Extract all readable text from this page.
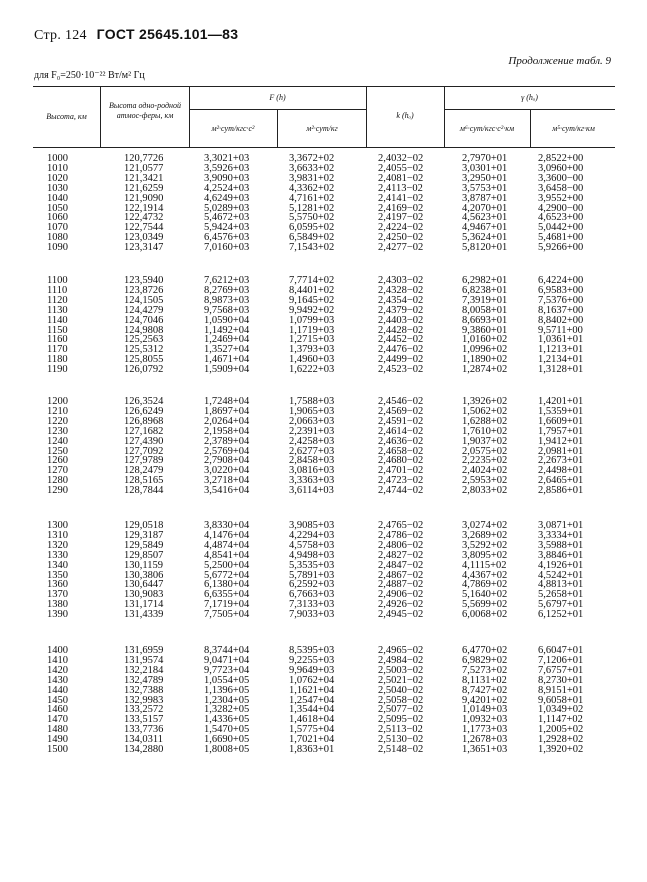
Стр. 124 ГОСТ 25645.101—83
Продолжение табл. 9
для F₀=250·10⁻²² Вт/м² Гц
Высота, км
Высота одно-родной атмос-феры, км
F (h)
м²·сут/кгс·с²	м²·сут/кг
k (hₐ)
γ (hₐ)
м⁶·сут/кгс·с²·км	м⁵·сут/кг·км
1000	120,7726	3,3021+03	3,3672+02	2,4032−02	2,7970+01	2,8522+00
1010	121,0577	3,5926+03	3,6633+02	2,4055−02	3,0301+01	3,0960+00
1020	121,3421	3,9090+03	3,9831+02	2,4081−02	3,2950+01	3,3600−00
1030	121,6259	4,2524+03	4,3362+02	2,4113−02	3,5753+01	3,6458−00
1040	121,9090	4,6249+03	4,7161+02	2,4141−02	3,8787+01	3,9552+00
1050	122,1914	5,0289+03	5,1281+02	2,4169−02	4,2070+01	4,2900−00
1060	122,4732	5,4672+03	5,5750+02	2,4197−02	4,5623+01	4,6523+00
1070	122,7544	5,9424+03	6,0595+02	2,4224−02	4,9467+01	5,0442+00
1080	123,0349	6,4576+03	6,5849+02	2,4250−02	5,3624+01	5,4681+00
1090	123,3147	7,0160+03	7,1543+02	2,4277−02	5,8120+01	5,9266+00
1100	123,5940	7,6212+03	7,7714+02	2,4303−02	6,2982+01	6,4224+00
1110	123,8726	8,2769+03	8,4401+02	2,4328−02	6,8238+01	6,9583+00
1120	124,1505	8,9873+03	9,1645+02	2,4354−02	7,3919+01	7,5376+00
1130	124,4279	9,7568+03	9,9492+02	2,4379−02	8,0058+01	8,1637+00
1140	124,7046	1,0590+04	1,0799+03	2,4403−02	8,6693+01	8,8402+00
1150	124,9808	1,1492+04	1,1719+03	2,4428−02	9,3860+01	9,5711+00
1160	125,2563	1,2469+04	1,2715+03	2,4452−02	1,0160+02	1,0361+01
1170	125,5312	1,3527+04	1,3793+03	2,4476−02	1,0996+02	1,1213+01
1180	125,8055	1,4671+04	1,4960+03	2,4499−02	1,1890+02	1,2134+01
1190	126,0792	1,5909+04	1,6222+03	2,4523−02	1,2874+02	1,3128+01
1200	126,3524	1,7248+04	1,7588+03	2,4546−02	1,3926+02	1,4201+01
1210	126,6249	1,8697+04	1,9065+03	2,4569−02	1,5062+02	1,5359+01
1220	126,8968	2,0264+04	2,0663+03	2,4591−02	1,6288+02	1,6609+01
1230	127,1682	2,1958+04	2,2391+03	2,4614−02	1,7610+02	1,7957+01
1240	127,4390	2,3789+04	2,4258+03	2,4636−02	1,9037+02	1,9412+01
1250	127,7092	2,5769+04	2,6277+03	2,4658−02	2,0575+02	2,0981+01
1260	127,9789	2,7908+04	2,8458+03	2,4680−02	2,2235+02	2,2673+01
1270	128,2479	3,0220+04	3,0816+03	2,4701−02	2,4024+02	2,4498+01
1280	128,5165	3,2718+04	3,3363+03	2,4723−02	2,5953+02	2,6465+01
1290	128,7844	3,5416+04	3,6114+03	2,4744−02	2,8033+02	2,8586+01
1300	129,0518	3,8330+04	3,9085+03	2,4765−02	3,0274+02	3,0871+01
1310	129,3187	4,1476+04	4,2294+03	2,4786−02	3,2689+02	3,3334+01
1320	129,5849	4,4874+04	4,5758+03	2,4806−02	3,5292+02	3,5988+01
1330	129,8507	4,8541+04	4,9498+03	2,4827−02	3,8095+02	3,8846+01
1340	130,1159	5,2500+04	5,3535+03	2,4847−02	4,1115+02	4,1926+01
1350	130,3806	5,6772+04	5,7891+03	2,4867−02	4,4367+02	4,5242+01
1360	130,6447	6,1380+04	6,2592+03	2,4887−02	4,7869+02	4,8813+01
1370	130,9083	6,6355+04	6,7663+03	2,4906−02	5,1640+02	5,2658+01
1380	131,1714	7,1719+04	7,3133+03	2,4926−02	5,5699+02	5,6797+01
1390	131,4339	7,7505+04	7,9033+03	2,4945−02	6,0068+02	6,1252+01
1400	131,6959	8,3744+04	8,5395+03	2,4965−02	6,4770+02	6,6047+01
1410	131,9574	9,0471+04	9,2255+03	2,4984−02	6,9829+02	7,1206+01
1420	132,2184	9,7723+04	9,9649+03	2,5003−02	7,5273+02	7,6757+01
1430	132,4789	1,0554+05	1,0762+04	2,5021−02	8,1131+02	8,2730+01
1440	132,7388	1,1396+05	1,1621+04	2,5040−02	8,7427+02	8,9151+01
1450	132,9983	1,2304+05	1,2547+04	2,5058−02	9,4201+02	9,6058+01
1460	133,2572	1,3282+05	1,3544+04	2,5077−02	1,0149+03	1,0349+02
1470	133,5157	1,4336+05	1,4618+04	2,5095−02	1,0932+03	1,1147+02
1480	133,7736	1,5470+05	1,5775+04	2,5113−02	1,1773+03	1,2005+02
1490	134,0311	1,6690+05	1,7021+04	2,5130−02	1,2678+03	1,2928+02
1500	134,2880	1,8008+05	1,8363+01	2,5148−02	1,3651+03	1,3920+02
